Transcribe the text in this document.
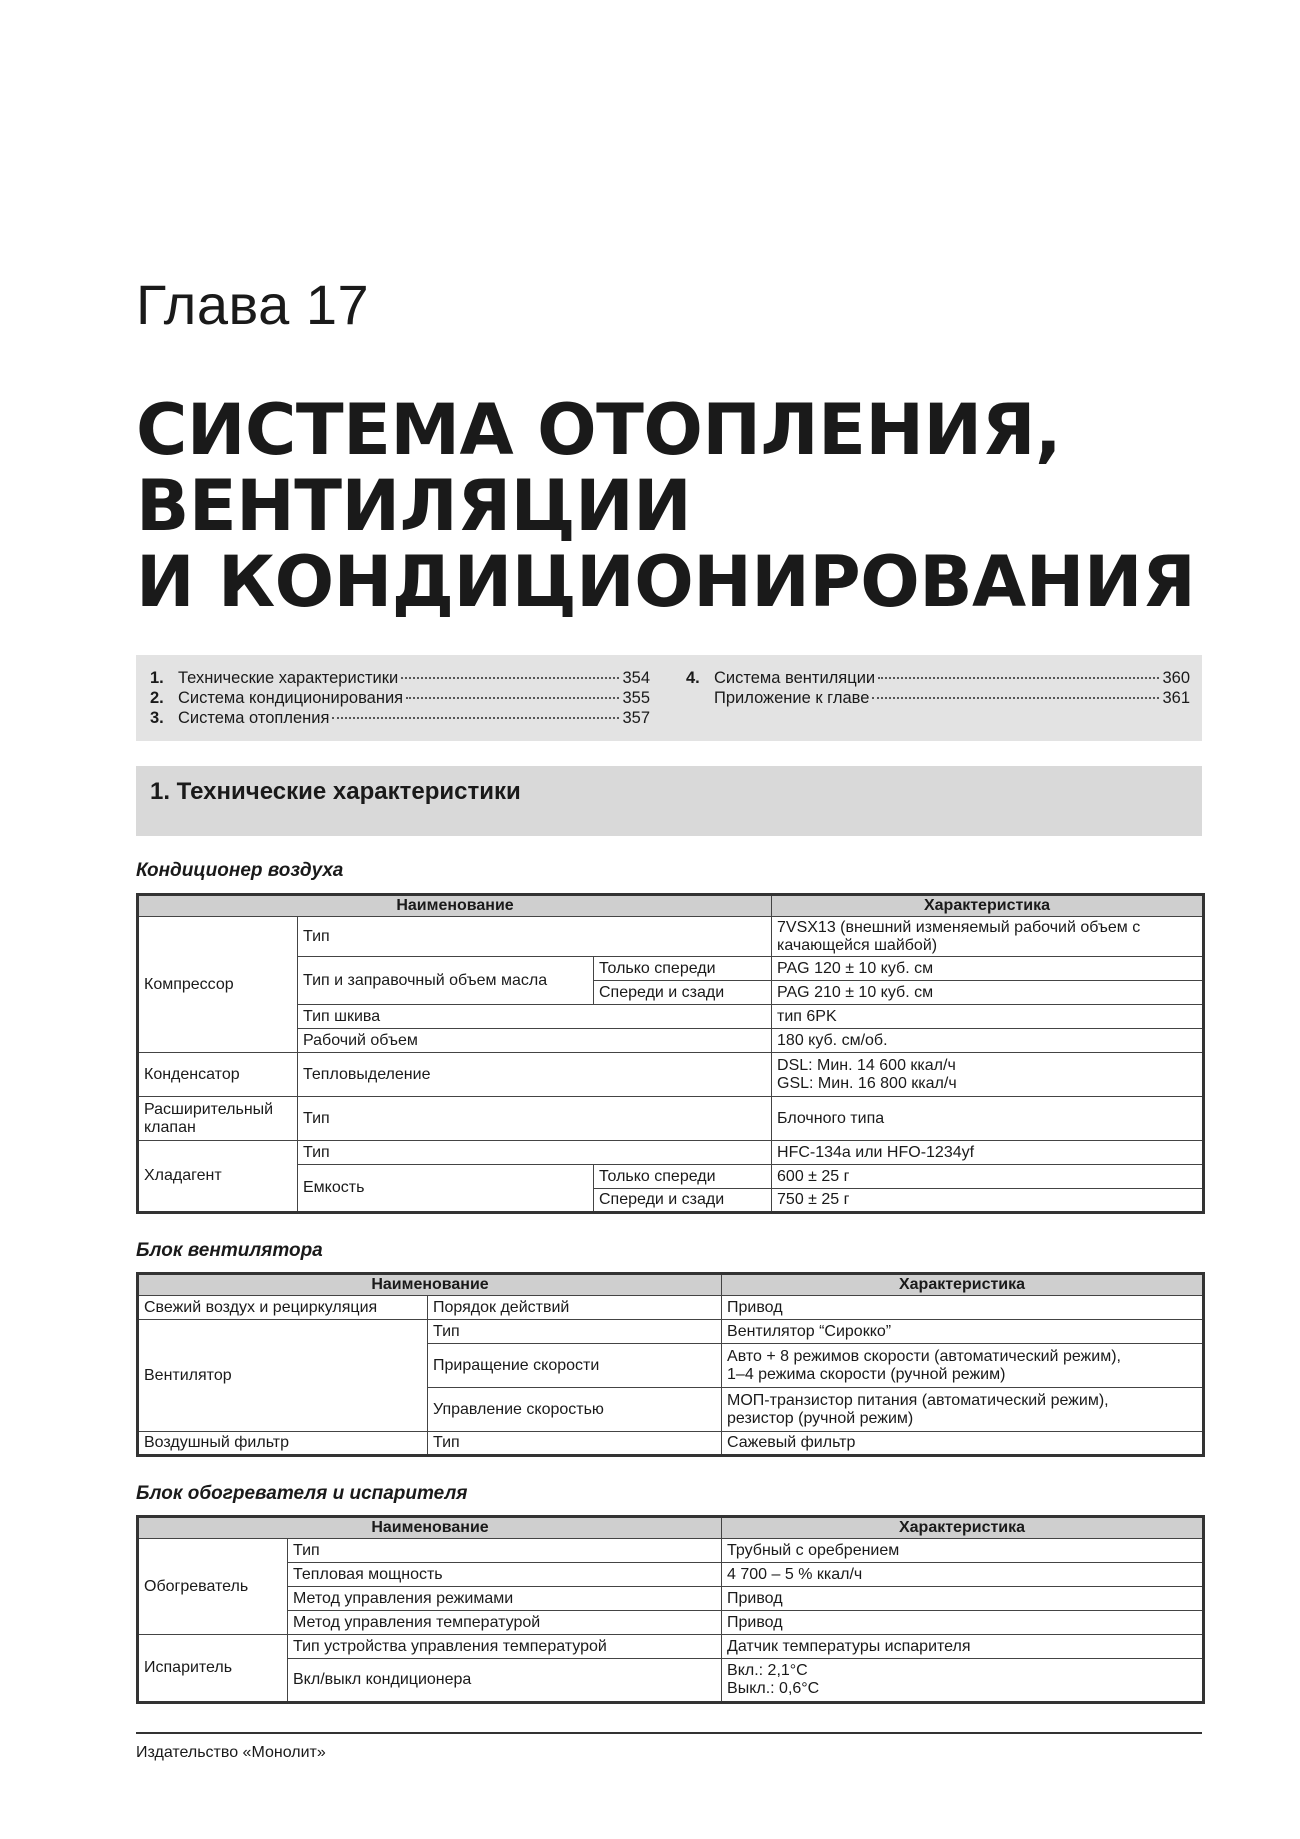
Глава 17
СИСТЕМА ОТОПЛЕНИЯ,
ВЕНТИЛЯЦИИ
И КОНДИЦИОНИРОВАНИЯ
1. Технические характеристики	354
2. Система кондиционирования	355
3. Система отопления	357
4. Система вентиляции	360
Приложение к главе	361
1. Технические характеристики
Кондиционер воздуха
Наименование			Характеристика
Компрессор	Тип		7VSX13 (внешний изменяемый рабочий объем с качающейся шайбой)
	Тип и заправочный объем масла	Только спереди	PAG 120 ± 10 куб. см
		Спереди и сзади	PAG 210 ± 10 куб. см
	Тип шкива		тип 6PK
	Рабочий объем		180 куб. см/об.
Конденсатор	Тепловыделение		DSL: Мин. 14 600 ккал/ч
GSL: Мин. 16 800 ккал/ч

Расширительный клапан	Тип		Блочного типа
Хладагент	Тип		HFC-134a или HFO-1234yf
	Емкость	Только спереди	600 ± 25 г
		Спереди и сзади	750 ± 25 г
Блок вентилятора
Наименование		Характеристика
Свежий воздух и рециркуляция	Порядок действий	Привод
Вентилятор	Тип	Вентилятор “Сирокко”
	Приращение скорости	Авто + 8 режимов скорости (автоматический режим),
1–4 режима скорости (ручной режим)

	Управление скоростью	МОП-транзистор питания (автоматический режим),
резистор (ручной режим)

Воздушный фильтр	Тип	Сажевый фильтр
Блок обогревателя и испарителя
Наименование		Характеристика
Обогреватель	Тип	Трубный с оребрением
	Тепловая мощность	4 700 – 5 % ккал/ч
	Метод управления режимами	Привод
	Метод управления температурой	Привод
Испаритель	Тип устройства управления температурой	Датчик температуры испарителя
	Вкл/выкл кондиционера	Вкл.: 2,1°C
Выкл.: 0,6°C
Издательство «Монолит»
